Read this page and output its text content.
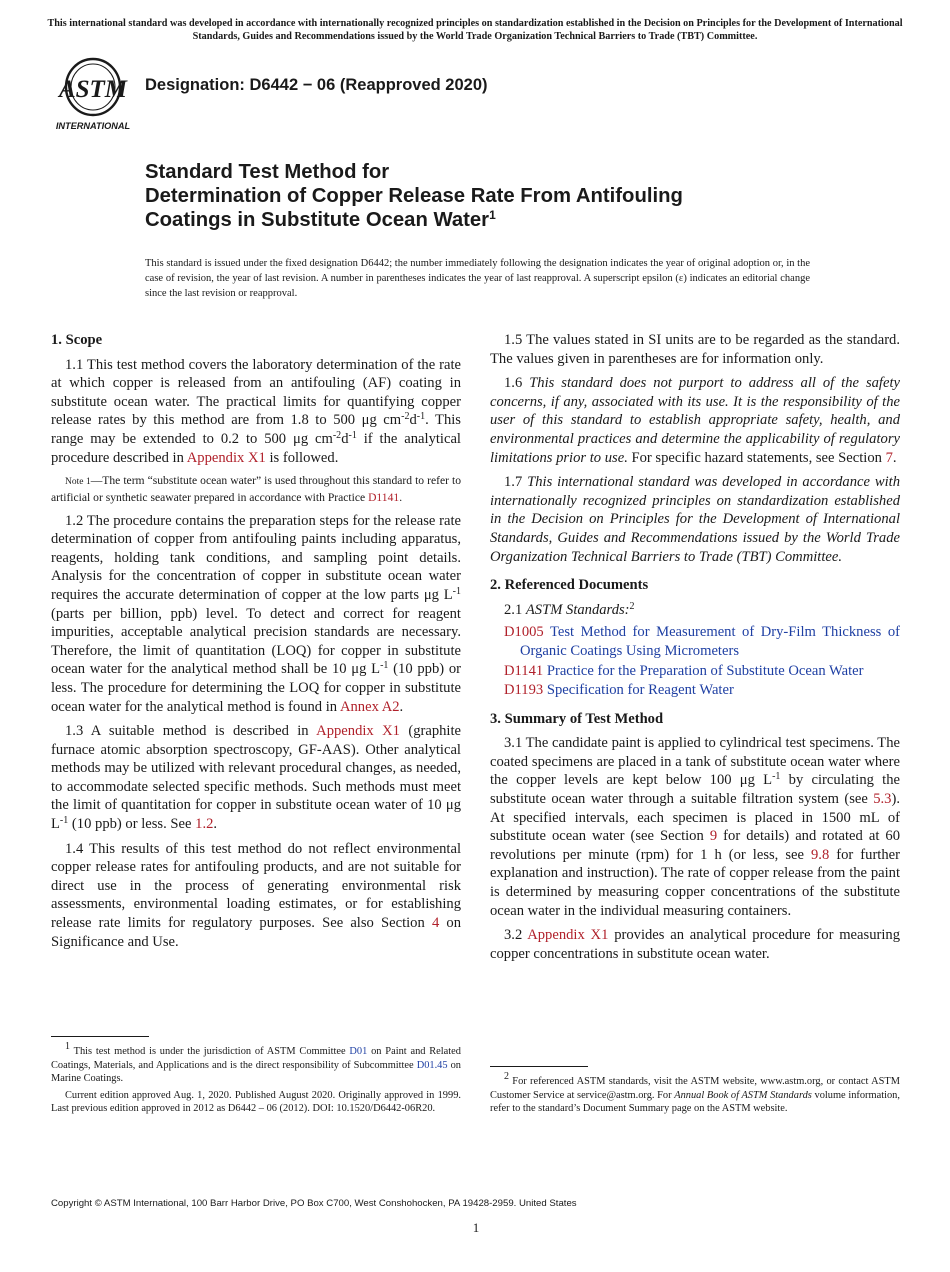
This international standard was developed in accordance with internationally recognized principles on standardization established in the Decision on Principles for the Development of International Standards, Guides and Recommendations issued by the World Trade Organization Technical Barriers to Trade (TBT) Committee.
ASTM
INTERNATIONAL
Designation: D6442 − 06 (Reapproved 2020)
Standard Test Method for
Determination of Copper Release Rate From Antifouling
Coatings in Substitute Ocean Water$^1$
This standard is issued under the fixed designation D6442; the number immediately following the designation indicates the year of original adoption or, in the case of revision, the year of last revision. A number in parentheses indicates the year of last reapproval. A superscript epsilon (ε) indicates an editorial change since the last revision or reapproval.
1. Scope

1.1 This test method covers the laboratory determination of the rate at which copper is released from an antifouling (AF) coating in substitute ocean water. The practical limits for quantifying copper release rates by this method are from 1.8 to 500 μg $cm^{-2}d^{-1}$. This range may be extended to 0.2 to 500 μg $cm^{-2}d^{-1}$ if the analytical procedure described in Appendix X1 is followed.

Note 1—The term “substitute ocean water” is used throughout this standard to refer to artificial or synthetic seawater prepared in accordance with Practice D1141.

1.2 The procedure contains the preparation steps for the release rate determination of copper from antifouling paints including apparatus, reagents, holding tank conditions, and sampling point details. Analysis for the concentration of copper in substitute ocean water requires the accurate determination of copper at the low parts μg $L^{-1}$ (parts per billion, ppb) level. To detect and correct for reagent impurities, acceptable analytical precision standards are necessary. Therefore, the limit of quantitation (LOQ) for copper in substitute ocean water for the analytical method shall be 10 μg $L^{-1}$ (10 ppb) or less. The procedure for determining the LOQ for copper in substitute ocean water for the analytical method is found in Annex A2.

1.3 A suitable method is described in Appendix X1 (graphite furnace atomic absorption spectroscopy, GF-AAS). Other analytical methods may be utilized with relevant procedural changes, as needed, to accommodate selected specific methods. Such methods must meet the limit of quantitation for copper in substitute ocean water of 10 μg $L^{-1}$ (10 ppb) or less. See 1.2.

1.4 This results of this test method do not reflect environmental copper release rates for antifouling products, and are not suitable for direct use in the process of generating environmental risk assessments, environmental loading estimates, or for establishing release rate limits for regulatory purposes. See also Section 4 on Significance and Use.

$^1$ This test method is under the jurisdiction of ASTM Committee D01 on Paint and Related Coatings, Materials, and Applications and is the direct responsibility of Subcommittee D01.45 on Marine Coatings.

Current edition approved Aug. 1, 2020. Published August 2020. Originally approved in 1999. Last previous edition approved in 2012 as D6442 – 06 (2012). DOI: 10.1520/D6442-06R20.

1.5 The values stated in SI units are to be regarded as the standard. The values given in parentheses are for information only.

1.6 This standard does not purport to address all of the safety concerns, if any, associated with its use. It is the responsibility of the user of this standard to establish appropriate safety, health, and environmental practices and determine the applicability of regulatory limitations prior to use. For specific hazard statements, see Section 7.

1.7 This international standard was developed in accordance with internationally recognized principles on standardization established in the Decision on Principles for the Development of International Standards, Guides and Recommendations issued by the World Trade Organization Technical Barriers to Trade (TBT) Committee.

2. Referenced Documents

2.1 ASTM Standards:$^2$

D1005 Test Method for Measurement of Dry-Film Thickness of Organic Coatings Using Micrometers

D1141 Practice for the Preparation of Substitute Ocean Water

D1193 Specification for Reagent Water

3. Summary of Test Method

3.1 The candidate paint is applied to cylindrical test specimens. The coated specimens are placed in a tank of substitute ocean water where the copper levels are kept below 100 μg $L^{-1}$ by circulating the substitute ocean water through a suitable filtration system (see 5.3). At specified intervals, each specimen is placed in 1500 mL of substitute ocean water (see Section 9 for details) and rotated at 60 revolutions per minute (rpm) for 1 h (or less, see 9.8 for further explanation and instruction). The rate of copper release from the paint is determined by measuring copper concentrations of the substitute ocean water in the individual measuring containers.

3.2 Appendix X1 provides an analytical procedure for measuring copper concentrations in substitute ocean water.

$^2$ For referenced ASTM standards, visit the ASTM website, www.astm.org, or contact ASTM Customer Service at service@astm.org. For Annual Book of ASTM Standards volume information, refer to the standard’s Document Summary page on the ASTM website.

Copyright © ASTM International, 100 Barr Harbor Drive, PO Box C700, West Conshohocken, PA 19428-2959. United States
1
